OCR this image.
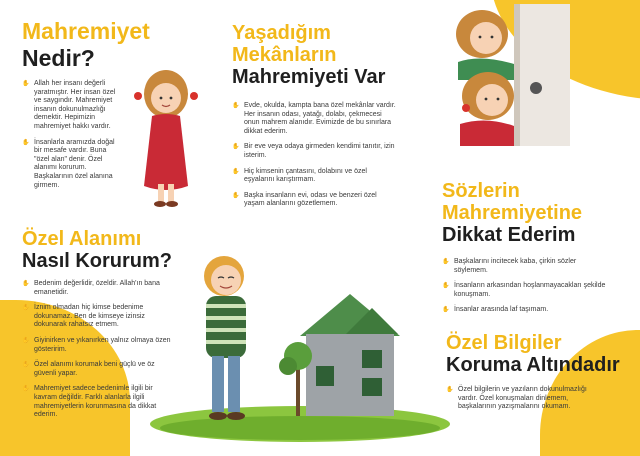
Mahremiyet
Nedir?
✋ Allah her insanı değerli yaratmıştır. Her insan özel ve saygındır. Mahremiyet insanın dokunulmazlığı demektir. Hepimizin mahremiyet hakkı vardır.
✋ İnsanlarla aramızda doğal bir mesafe vardır. Buna "özel alan" denir. Özel alanımı korurum. Başkalarının özel alanına girmem.
Özel Alanımı
Nasıl Korurum?
✋ Bedenim değerlidir, özeldir. Allah'ın bana emanetidir.
✋ İznim olmadan hiç kimse bedenime dokunamaz. Ben de kimseye izinsiz dokunarak rahatsız etmem.
✋ Giyinirken ve yıkanırken yalnız olmaya özen gösteririm.
✋ Özel alanımı korumak beni güçlü ve öz güvenli yapar.
✋ Mahremiyet sadece bedenimle ilgili bir kavram değildir. Farklı alanlarla ilgili mahremiyetlerin korunmasına da dikkat ederim.
Yaşadığım
Mekânların
Mahremiyeti Var
✋ Evde, okulda, kampta bana özel mekânlar vardır. Her insanın odası, yatağı, dolabı, çekmecesi onun mahrem alanıdır. Evimizde de bu sınırlara dikkat ederim.
✋ Bir eve veya odaya girmeden kendimi tanıtır, izin isterim.
✋ Hiç kimsenin çantasını, dolabını ve özel eşyalarını karıştırmam.
✋ Başka insanların evi, odası ve benzeri özel yaşam alanlarını gözetlemem.
Sözlerin
Mahremiyetine
Dikkat Ederim
✋ Başkalarını incitecek kaba, çirkin sözler söylemem.
✋ İnsanların arkasından hoşlanmayacakları şekilde konuşmam.
✋ İnsanlar arasında laf taşımam.
Özel Bilgiler
Koruma Altındadır
✋ Özel bilgilerin ve yazıların dokunulmazlığı vardır. Özel konuşmaları dinlemem, başkalarının yazışmalarını okumam.
